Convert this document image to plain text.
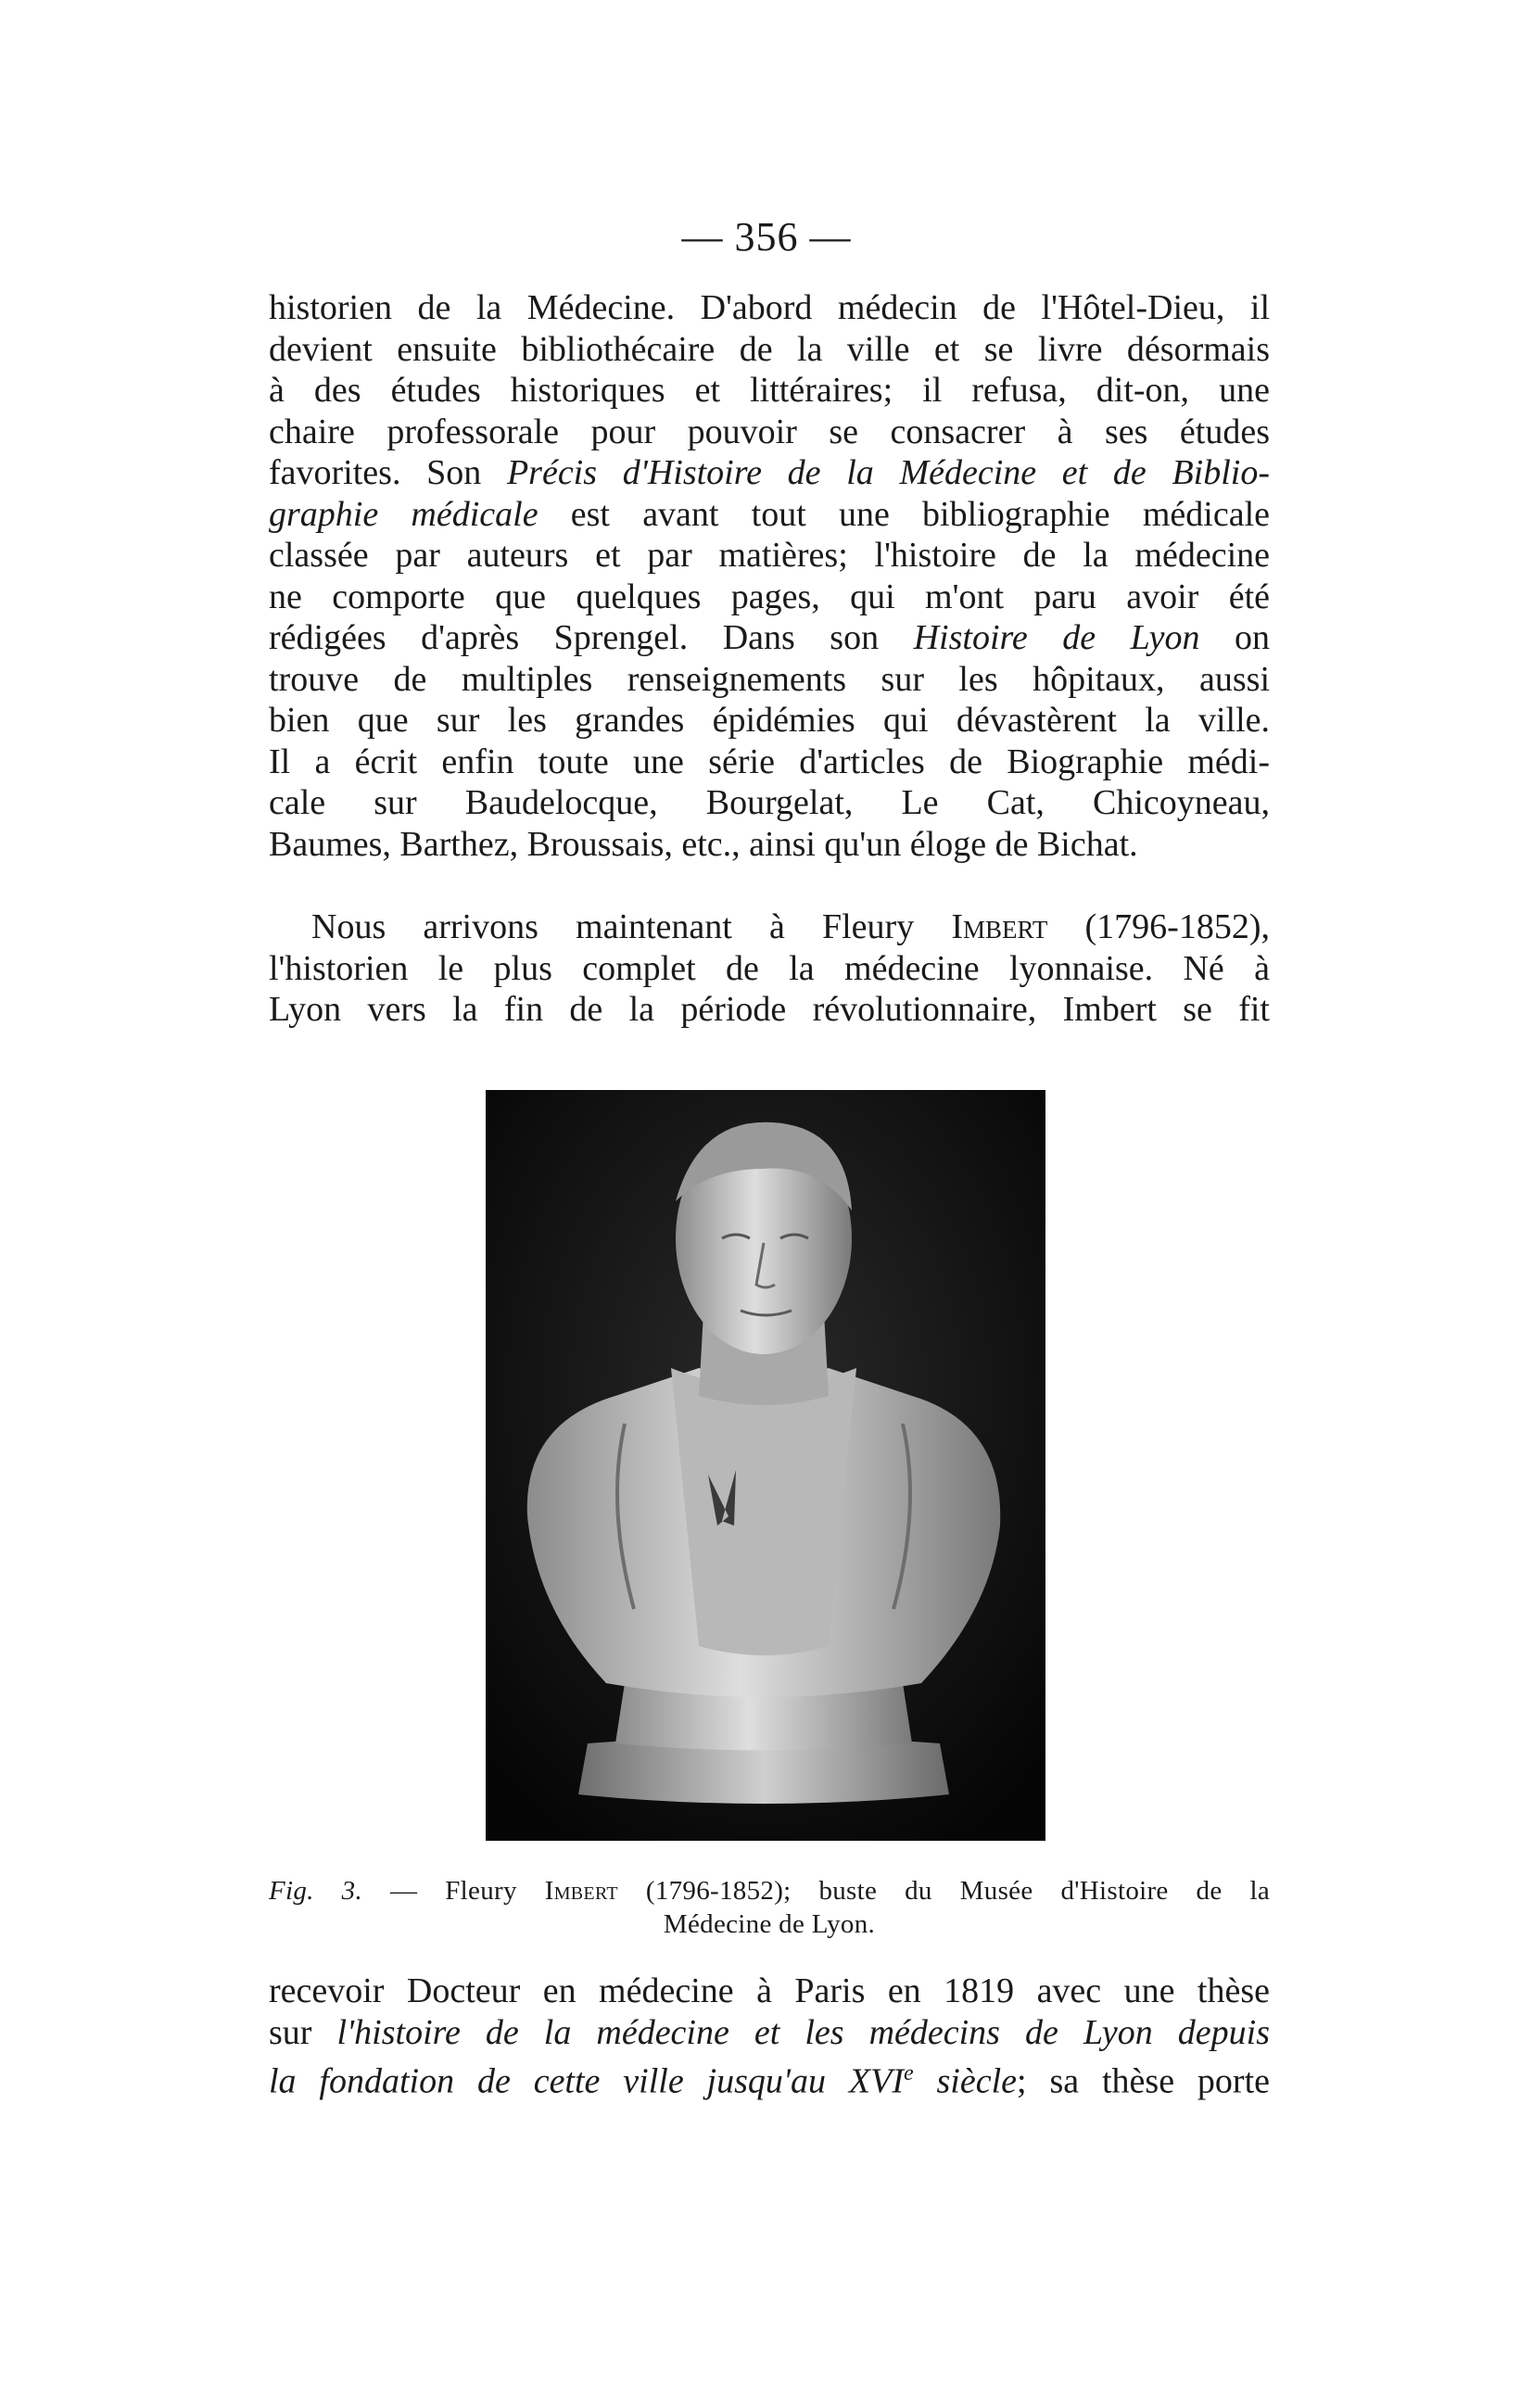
— 356 —
historien de la Médecine. D'abord médecin de l'Hôtel-Dieu, il
devient ensuite bibliothécaire de la ville et se livre désormais
à des études historiques et littéraires; il refusa, dit-on, une
chaire professorale pour pouvoir se consacrer à ses études
favorites. Son Précis d'Histoire de la Médecine et de Biblio-
graphie médicale est avant tout une bibliographie médicale
classée par auteurs et par matières; l'histoire de la médecine
ne comporte que quelques pages, qui m'ont paru avoir été
rédigées d'après Sprengel. Dans son Histoire de Lyon on
trouve de multiples renseignements sur les hôpitaux, aussi
bien que sur les grandes épidémies qui dévastèrent la ville.
Il a écrit enfin toute une série d'articles de Biographie médi-
cale sur Baudelocque, Bourgelat, Le Cat, Chicoyneau,
Baumes, Barthez, Broussais, etc., ainsi qu'un éloge de Bichat.
Nous arrivons maintenant à Fleury Imbert (1796-1852),
l'historien le plus complet de la médecine lyonnaise. Né à
Lyon vers la fin de la période révolutionnaire, Imbert se fit
Fig. 3. — Fleury Imbert (1796-1852); buste du Musée d'Histoire de la
Médecine de Lyon.
recevoir Docteur en médecine à Paris en 1819 avec une thèse
sur l'histoire de la médecine et les médecins de Lyon depuis
la fondation de cette ville jusqu'au XVIe siècle; sa thèse porte
